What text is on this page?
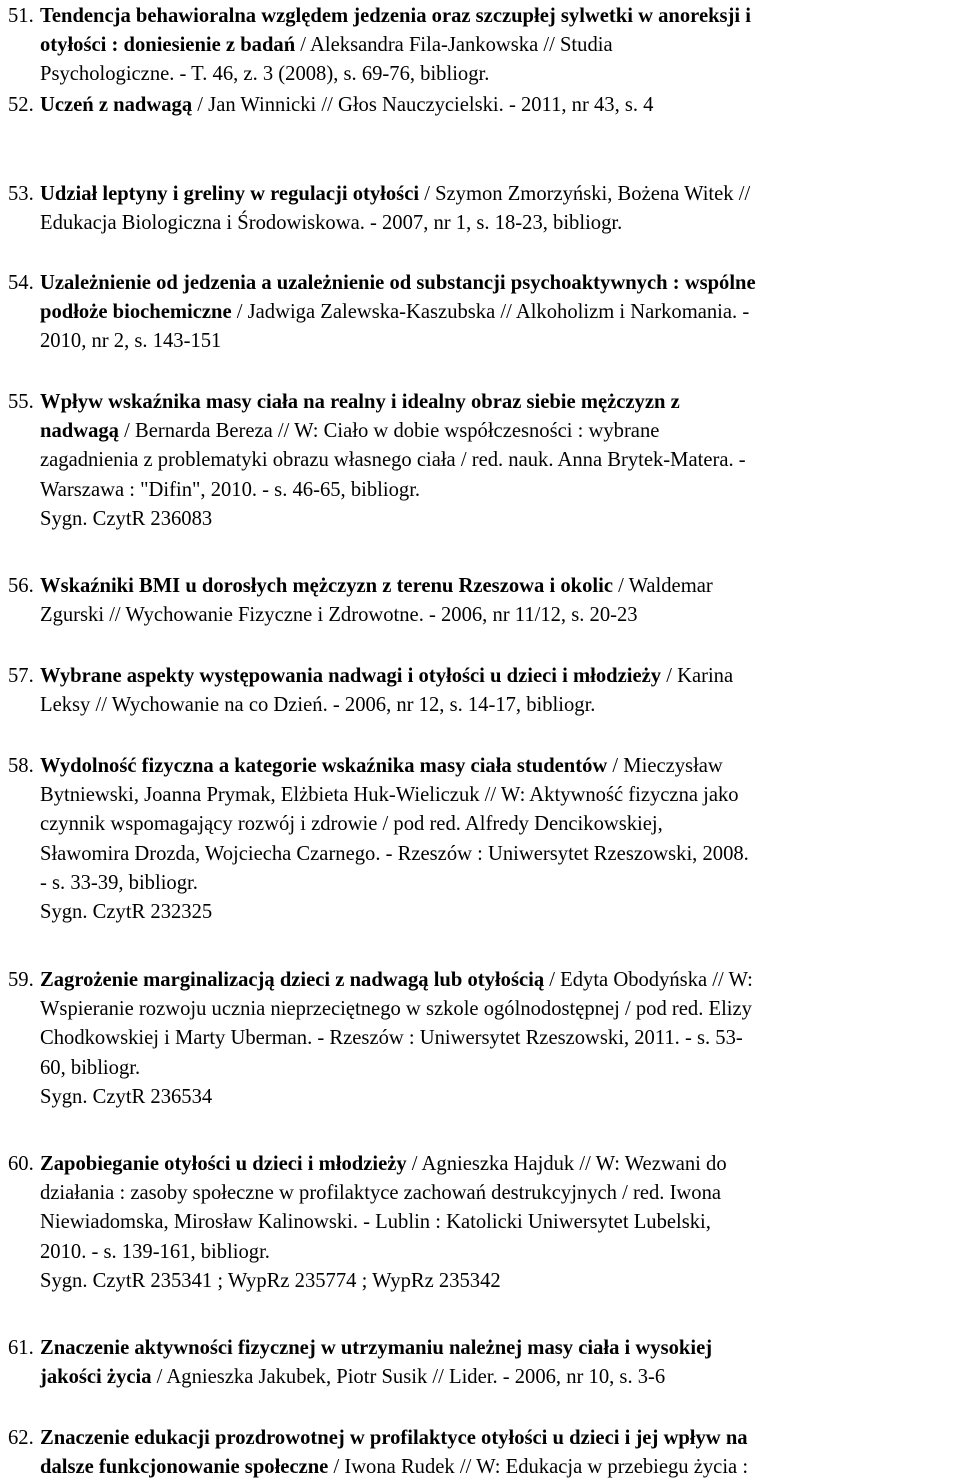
51. Tendencja behawioralna względem jedzenia oraz szczupłej sylwetki w anoreksji i
otyłości : doniesienie z badań / Aleksandra Fila-Jankowska // Studia
Psychologiczne. - T. 46, z. 3 (2008), s. 69-76, bibliogr.
52. Uczeń z nadwagą / Jan Winnicki // Głos Nauczycielski. - 2011, nr 43, s. 4
53. Udział leptyny i greliny w regulacji otyłości / Szymon Zmorzyński, Bożena Witek //
Edukacja Biologiczna i Środowiskowa. - 2007, nr 1, s. 18-23, bibliogr.
54. Uzależnienie od jedzenia a uzależnienie od substancji psychoaktywnych : wspólne
podłoże biochemiczne / Jadwiga Zalewska-Kaszubska // Alkoholizm i Narkomania. -
2010, nr 2, s. 143-151
55. Wpływ wskaźnika masy ciała na realny i idealny obraz siebie mężczyzn z
nadwagą / Bernarda Bereza // W: Ciało w dobie współczesności : wybrane
zagadnienia z problematyki obrazu własnego ciała / red. nauk. Anna Brytek-Matera. -
Warszawa : "Difin", 2010. - s. 46-65, bibliogr.
Sygn. CzytR 236083
56. Wskaźniki BMI u dorosłych mężczyzn z terenu Rzeszowa i okolic / Waldemar
Zgurski // Wychowanie Fizyczne i Zdrowotne. - 2006, nr 11/12, s. 20-23
57. Wybrane aspekty występowania nadwagi i otyłości u dzieci i młodzieży / Karina
Leksy // Wychowanie na co Dzień. - 2006, nr 12, s. 14-17, bibliogr.
58. Wydolność fizyczna a kategorie wskaźnika masy ciała studentów / Mieczysław
Bytniewski, Joanna Prymak, Elżbieta Huk-Wieliczuk // W: Aktywność fizyczna jako
czynnik wspomagający rozwój i zdrowie / pod red. Alfredy Dencikowskiej,
Sławomira Drozda, Wojciecha Czarnego. - Rzeszów : Uniwersytet Rzeszowski, 2008.
- s. 33-39, bibliogr.
Sygn. CzytR 232325
59. Zagrożenie marginalizacją dzieci z nadwagą lub otyłością / Edyta Obodyńska // W:
Wspieranie rozwoju ucznia nieprzeciętnego w szkole ogólnodostępnej / pod red. Elizy
Chodkowskiej i Marty Uberman. - Rzeszów : Uniwersytet Rzeszowski, 2011. - s. 53-
60, bibliogr.
Sygn. CzytR 236534
60. Zapobieganie otyłości u dzieci i młodzieży / Agnieszka Hajduk // W: Wezwani do
działania : zasoby społeczne w profilaktyce zachowań destrukcyjnych / red. Iwona
Niewiadomska, Mirosław Kalinowski. - Lublin : Katolicki Uniwersytet Lubelski,
2010. - s. 139-161, bibliogr.
Sygn. CzytR 235341 ; WypRz 235774 ; WypRz 235342
61. Znaczenie aktywności fizycznej w utrzymaniu należnej masy ciała i wysokiej
jakości życia / Agnieszka Jakubek, Piotr Susik // Lider. - 2006, nr 10, s. 3-6
62. Znaczenie edukacji prozdrowotnej w profilaktyce otyłości u dzieci i jej wpływ na
dalsze funkcjonowanie społeczne / Iwona Rudek // W: Edukacja w przebiegu życia :
